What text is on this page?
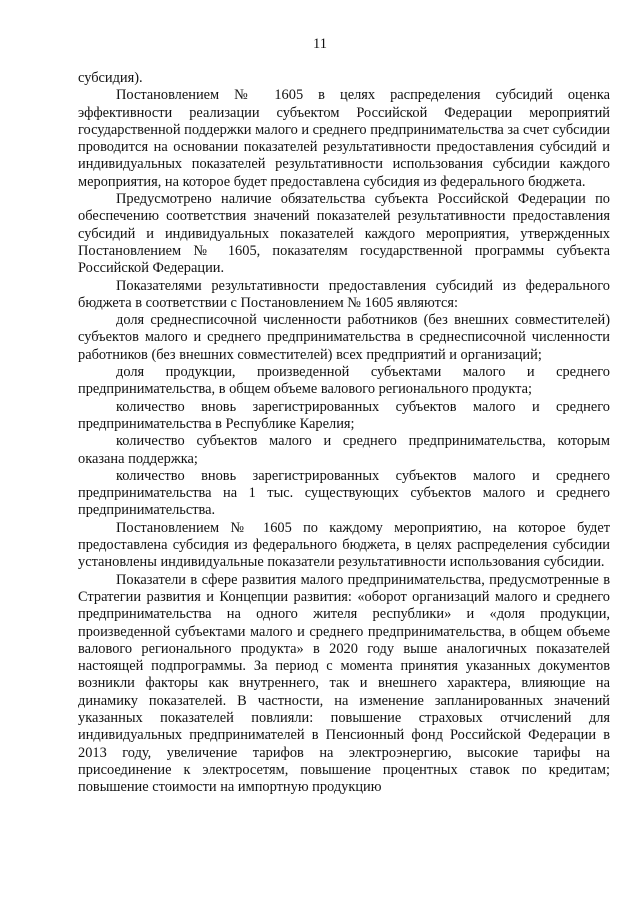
11

субсидия).

Постановлением № 1605 в целях распределения субсидий оценка эффективности реализации субъектом Российской Федерации мероприятий государственной поддержки малого и среднего предпринимательства за счет субсидии проводится на основании показателей результативности предоставления субсидий и индивидуальных показателей результативности использования субсидии каждого мероприятия, на которое будет предоставлена субсидия из федерального бюджета.

Предусмотрено наличие обязательства субъекта Российской Федерации по обеспечению соответствия значений показателей результативности предоставления субсидий и индивидуальных показателей каждого мероприятия, утвержденных Постановлением № 1605, показателям государственной программы субъекта Российской Федерации.

Показателями результативности предоставления субсидий из федерального бюджета в соответствии с Постановлением № 1605 являются:

доля среднесписочной численности работников (без внешних совместителей) субъектов малого и среднего предпринимательства в среднесписочной численности работников (без внешних совместителей) всех предприятий и организаций;

доля продукции, произведенной субъектами малого и среднего предпринимательства, в общем объеме валового регионального продукта;

количество вновь зарегистрированных субъектов малого и среднего предпринимательства в Республике Карелия;

количество субъектов малого и среднего предпринимательства, которым оказана поддержка;

количество вновь зарегистрированных субъектов малого и среднего предпринимательства на 1 тыс. существующих субъектов малого и среднего предпринимательства.

Постановлением № 1605 по каждому мероприятию, на которое будет предоставлена субсидия из федерального бюджета, в целях распределения субсидии установлены индивидуальные показатели результативности использования субсидии.

Показатели в сфере развития малого предпринимательства, предусмотренные в Стратегии развития и Концепции развития: «оборот организаций малого и среднего предпринимательства на одного жителя республики» и «доля продукции, произведенной субъектами малого и среднего предпринимательства, в общем объеме валового регионального продукта» в 2020 году выше аналогичных показателей настоящей подпрограммы. За период с момента принятия указанных документов возникли факторы как внутреннего, так и внешнего характера, влияющие на динамику показателей. В частности, на изменение запланированных значений указанных показателей повлияли: повышение страховых отчислений для индивидуальных предпринимателей в Пенсионный фонд Российской Федерации в 2013 году, увеличение тарифов на электроэнергию, высокие тарифы на присоединение к электросетям, повышение процентных ставок по кредитам; повышение стоимости на импортную продукцию
